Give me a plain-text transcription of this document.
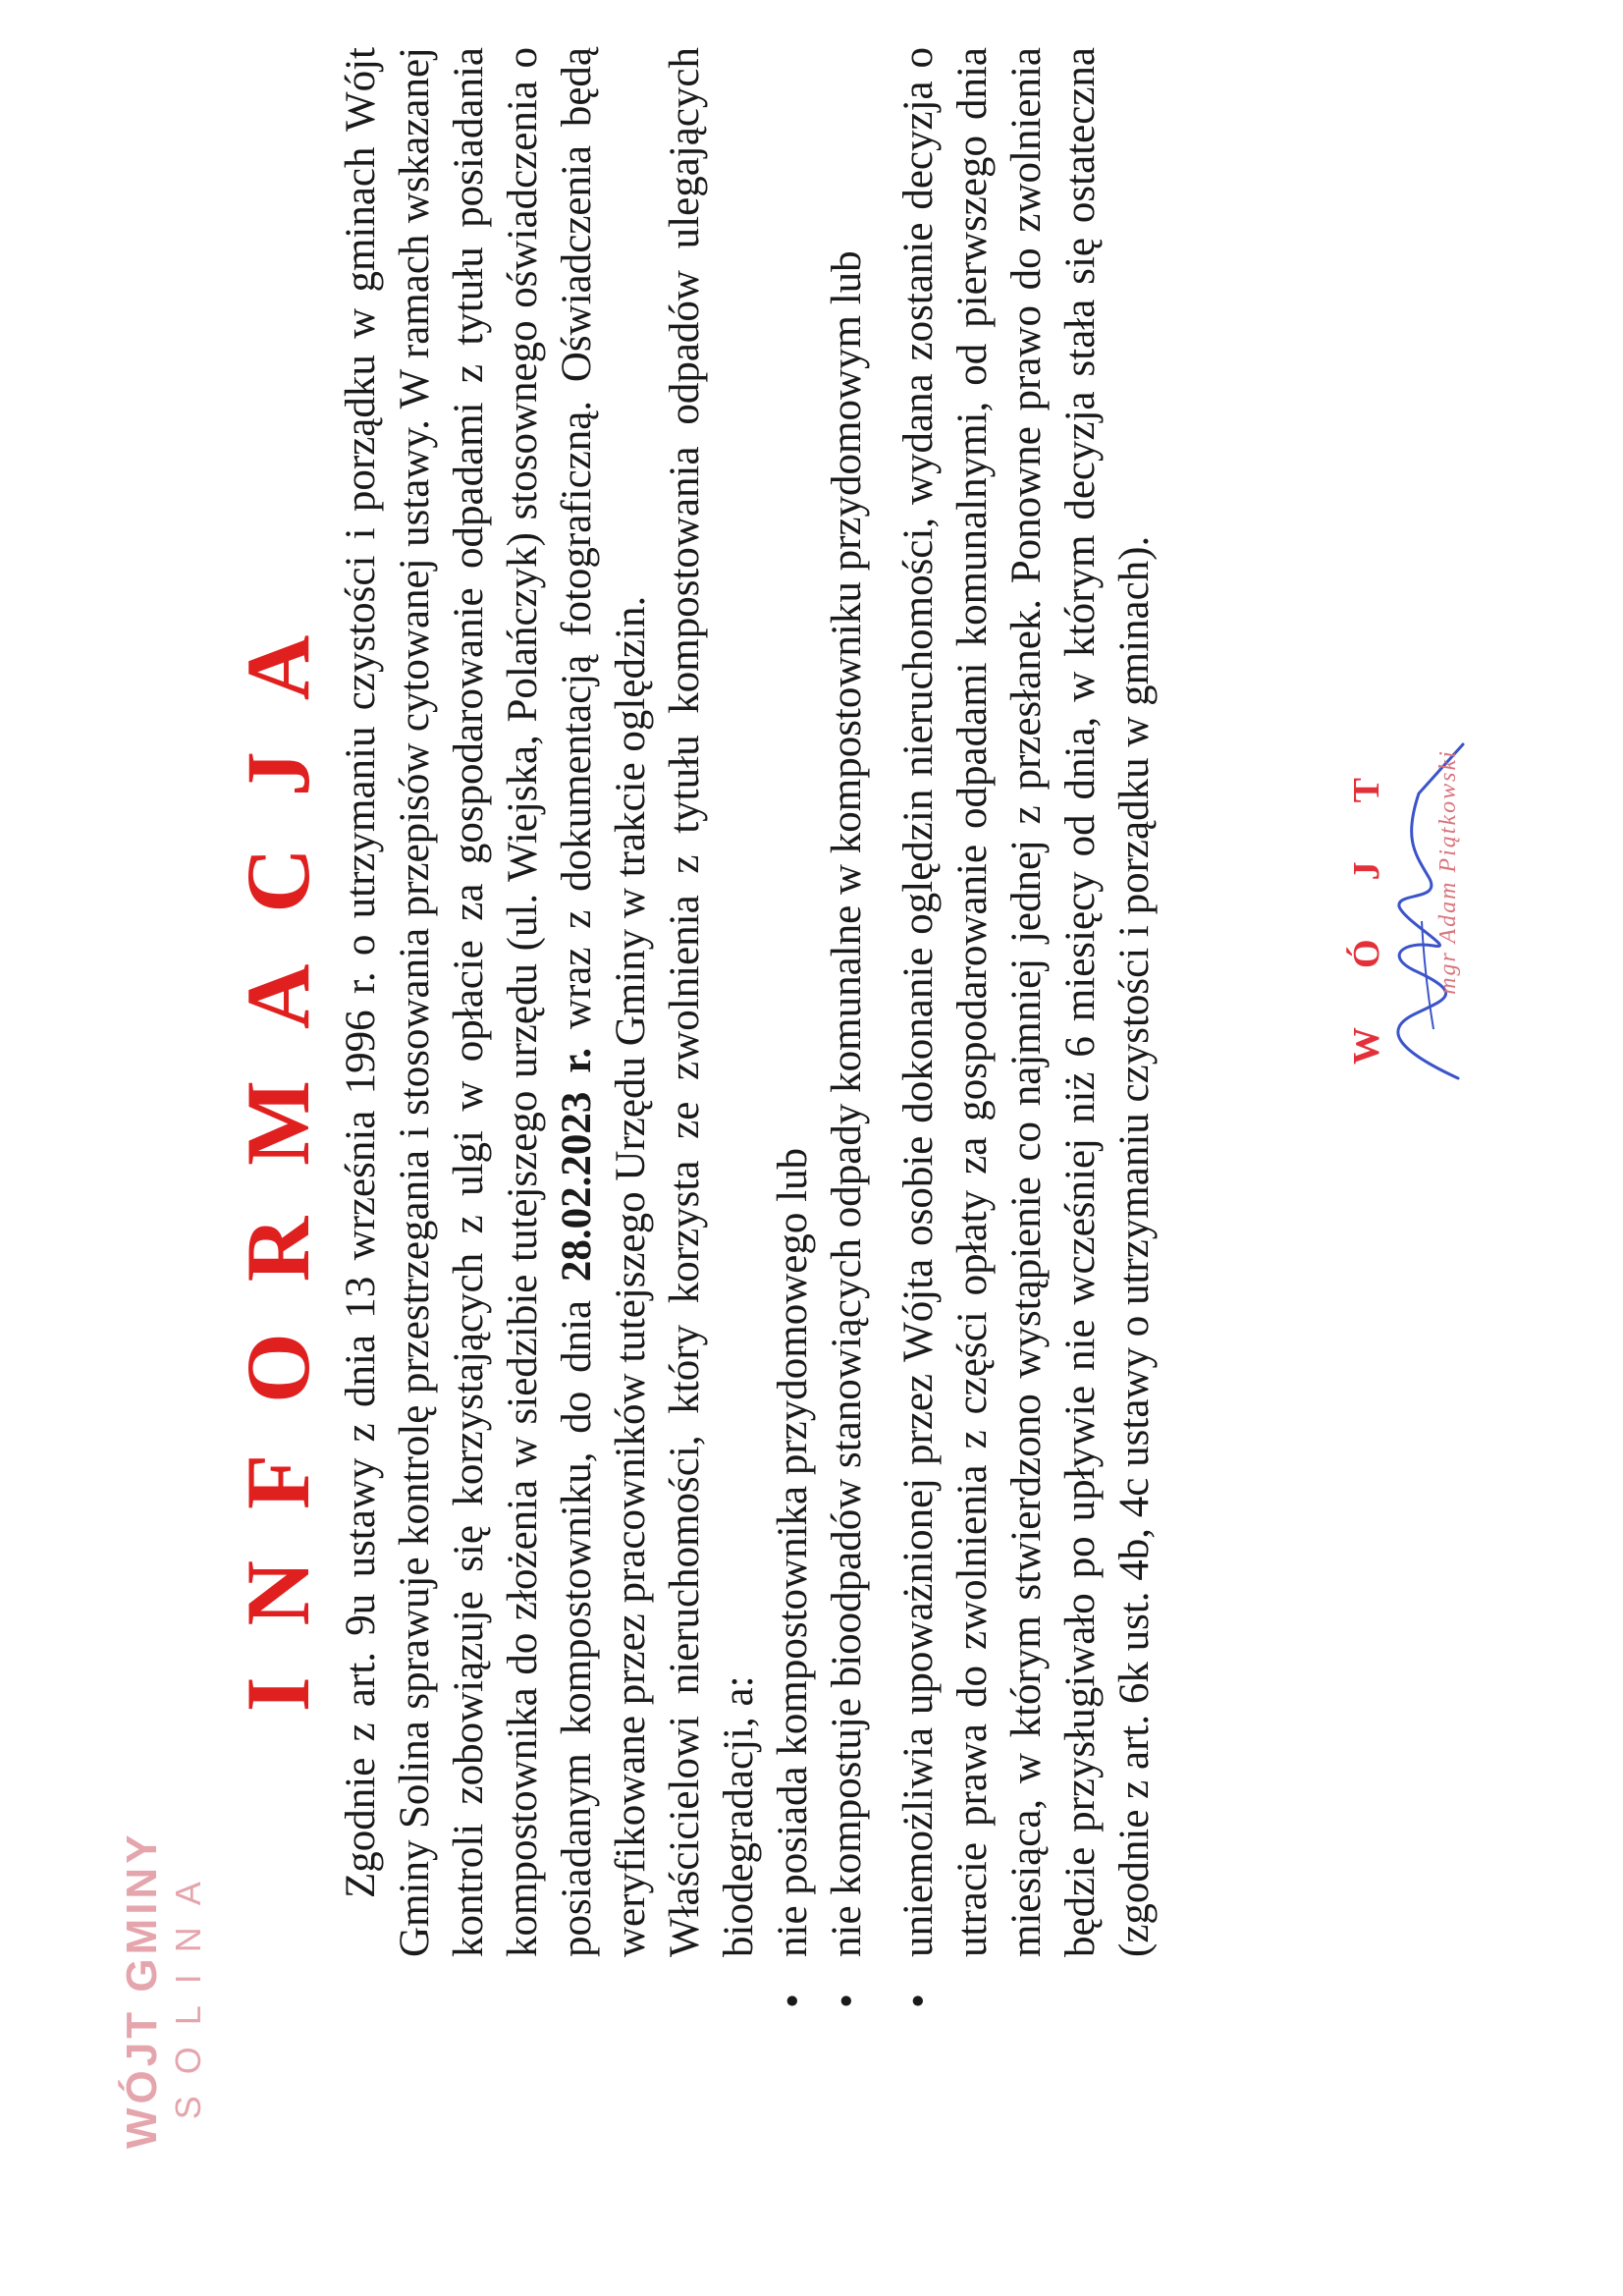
WÓJT GMINY SOLINA
INFORMACJA Zgodnie z art. 9u ustawy z dnia 13 września 1996 r. o utrzymaniu czystości i porządku w gminach Wójt Gminy Solina sprawuje kontrolę przestrzegania i stosowania przepisów cytowanej ustawy. W ramach wskazanej kontroli zobowiązuje się korzystających z ulgi w opłacie za gospodarowanie odpadami z tytułu posiadania kompostownika do złożenia w siedzibie tutejszego urzędu (ul. Wiejska, Polańczyk) stosownego oświadczenia o posiadanym kompostowniku, do dnia 28.02.2023 r. wraz z dokumentacją fotograficzną. Oświadczenia będą weryfikowane przez pracowników tutejszego Urzędu Gminy w trakcie oględzin. Właścicielowi nieruchomości, który korzysta ze zwolnienia z tytułu kompostowania odpadów ulegających biodegradacji, a: • nie posiada kompostownika przydomowego lub • nie kompostuje bioodpadów stanowiących odpady komunalne w kompostowniku przydomowym lub • uniemożliwia upoważnionej przez Wójta osobie dokonanie oględzin nieruchomości, wydana zostanie decyzja o utracie prawa do zwolnienia z części opłaty za gospodarowanie odpadami komunalnymi, od pierwszego dnia miesiąca, w którym stwierdzono wystąpienie co najmniej jednej z przesłanek. Ponowne prawo do zwolnienia będzie przysługiwało po upływie nie wcześniej niż 6 miesięcy od dnia, w którym decyzja stała się ostateczna (zgodnie z art. 6k ust. 4b, 4c ustawy o utrzymaniu czystości i porządku w gminach).	WÓJT mgr Adam Piątkowski
